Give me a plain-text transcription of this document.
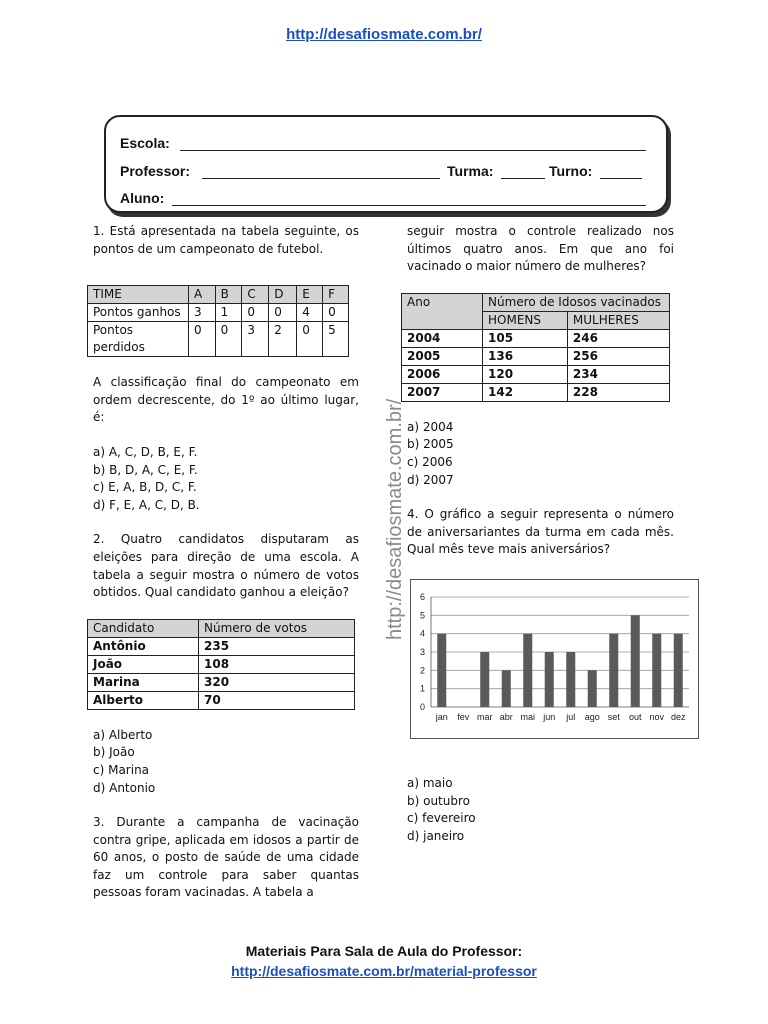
http://desafiosmate.com.br/
Escola:
Professor:	Turma:	Turno:
Aluno:

1. Está apresentada na tabela seguinte, os pontos de um campeonato de futebol.

TIME	A	B	C	D	E	F
Pontos ganhos	3	1	0	0	4	0
Pontos perdidos	0	0	3	2	0	5

A classificação final do campeonato em ordem decrescente, do 1º ao último lugar, é:

a) A, C, D, B, E, F.
b) B, D, A, C, E, F.
c) E, A, B, D, C, F.
d) F, E, A, C, D, B.

2. Quatro candidatos disputaram as eleições para direção de uma escola. A tabela a seguir mostra o número de votos obtidos. Qual candidato ganhou a eleição?

Candidato	Número de votos
Antônio	235
João	108
Marina	320
Alberto	70
a) Alberto
b) João
c) Marina
d) Antonio

3. Durante a campanha de vacinação contra gripe, aplicada em idosos a partir de 60 anos, o posto de saúde de uma cidade faz um controle para saber quantas pessoas foram vacinadas. A tabela a

http://desafiosmate.com.br/

seguir mostra o controle realizado nos últimos quatro anos. Em que ano foi vacinado o maior número de mulheres?

Ano	Número de Idosos vacinados	
	HOMENS	MULHERES
2004	105	246
2005	136	256
2006	120	234
2007	142	228
a) 2004
b) 2005
c) 2006
d) 2007

4. O gráfico a seguir representa o número de aniversariantes da turma em cada mês. Qual mês teve mais aniversários?

0
1
2
3
4
5
6
jan fev mar abr mai jun jul ago set out nov dez
a) maio
b) outubro
c) fevereiro
d) janeiro
Materiais Para Sala de Aula do Professor:
http://desafiosmate.com.br/material-professor
